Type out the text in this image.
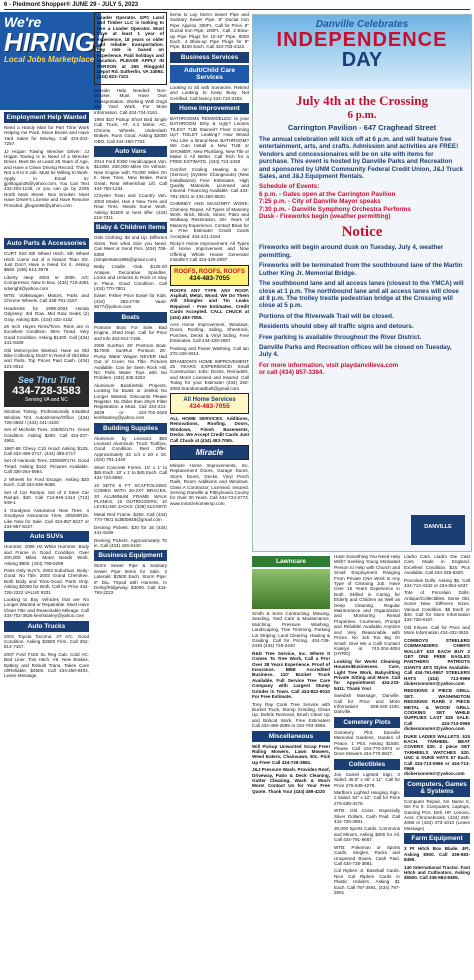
6 - Piedmont Shopper® JUNE 29 - JULY 5, 2023
We're
HIRING!
Local Jobs Marketplace
Employment Help Wanted
Need a Handy Man for Part Time Work Helping me Pack, Move Boxes and Have Yard Sales for Moving. Call 434-203-7257.
JJ Hogan Towing Wrecker Driver: JJ Hogan Towing is in Need of a Wrecker Driver. Must Be at Least 25 Years of Age, and Have a Clean Driving Record. This is Not a 9 to 5 Job. Must be Willing to Work. Apply in Email to: jjpriltogan36@yahoo.com, You Can Text 434-203-1136; or you can go by 2205 North Main Street. Non Smoker. Must Have Driver's License and Have Resume Provided. jjhogan68@yahoo.com
Auto Parts & Accessories
CURT 520 5th Wheel Hitch. 5th Wheel Hitch Came out of a Nissan Titan XD. Just Don't Have a Need for it. Asking $650. (336) 514-3979
Liberty Jeep 2004 or 2005. A/C Compressor, New in Box. (434) 710-4081 sdwright@yahoo.com
WTB: Volkswagen Motors, Parts and Chrome Wheels. Call 336-791-3157
Headrests for 1999-2004 Honda Odyssey: 3rd Row. Mid Row Seats (2) Gray. Asking $35. (434) 432-4152
26 Inch Hayes Rims/Tires. Rims are in Excellent Condition. 95% Tread. Very Good Condition. Asking $1400. Call (434) 441-9189
Old Motorcycles Wanted. Have an Old Bike Collecting Dust? In Need of Old Bike and Parts. Top Prices Paid Cash. (434) 421-0012
See Thru Tint
434-728-3583
Serving VA and NC
Window Tinting. Professionally Installed Window Tint. Autos/Home/Office. (434) 728-3583 / (434) 441-4100
Set of Michelin Tires. 235/60/17H. Great Condition. Asking $250. Call 434-207-4961.
1987-88 Chevy C10 Hood: Asking $125. Call 434-489-2717, (434) 489-2717
Set of Hankook Tires. 235/60R17H. Good Tread. Asking $110. Pictures Available. Call 336-264-5954.
2 Wheels for Ford Escape. Asking $20 Each. Call 434-836-6068.
Set of Car Ramps. Set of 2 Steel Car Ramps. $40. Call 713-949-1414 (713) 949-1
4 Goodyear Assurance New Tires. 4 Goodyear Assurance Tires, 205/60R16. Like New for Sale. Call 434-857-8227 or 434-857-8227.
Auto SUVs
Hummer. 2005 H2 White Hummer. Body and Frame in Good Condition. Over 200,000 Miles. Motor Needs Work. Asking $900. (434) 799-0299
Parts Only SUV's. 2003 Suburban. Body-Good. No Title. 2003 Grand Cherokee. Both Body and Tires-Good. Parts Only. Asking $2000 for Both. Call for Price 434-728-2222 VALUE 9331
Looking to Buy Vehicles that are No Longer Wanted or Repairable. Must Have Clean Title and Reasonable Mileage. Call 434-702-3626 kenfstanley@yahoo.com
Auto Trucks
2001 Toyota Tacoma. 4T A/C. Good Condition. Asking $3500 Firm. Call 252-814-7157.
2007 Ford F150 XL Reg Cab. Cold AC. Bed Liner. Tow Hitch. V6. New Brakes, Battery and Rebuilt Trans. Taken Care of/Reliable. $4500. Call 434-250-8404, Leave Message.
Loader Operator. GPC Land and Timber LLC is looking to hire a Loader Operator. Must have at least 1 year of experience, 18 years or older and reliable transportation. Pay rate is based on experience. Paid holidays and vacation. PLEASE APPLY IN PERSON at 265 Ringgold Depot Rd. Sutherlin, VA 24594. (434) 822-7101
Outside Help Needed: Non-Smoker. Must Have Own Transportation. Working With Dogs and Yard Work. For More Information, Call 434-724-2161.
1994 $10 Pickup Short Bed Single Cab Truck. AT, 4.3 Motor, AC, Chrome Wheels, Underdash Brakes. Runs Good. Asking $3000 OBO. Call 434-250-7763.
Auto Vans
2014 Ford E350 Handicapped Van. $11900. 200,000 Miles On Vehicle. New Engine with 70,000 Miles On It. New Tires, New Brake, Runs Great, Rear Wheelchair Lift. Call 434-750-1234.
Chrysler Town and Country Van. 2003 Model. Has 4 New Tires and Rear Tires. Needs Some Work. Asking $1500 or best offer. (434) 218-7311
Baby & Children Items
Girls Clothing. $3 and Up. Different Sizes. Text what Size you Need. Can Meet or Send Pics. (434) 706-8350 (simplestate1995@gmail.com)
Baby Cradle -Oak. $125.00 Antique, Decorative Spindles, Locks and Unlocks to Rock or Stay in Place, Good Condition. Call (434) 770-7801
Easel. Fisher Price Easel for Kids. (434) 283-2749 Vaan-6677@yahoo.com
Boats
Pontoon Boat For Sale. Bad Engine, Shed Kept. Call for Price and Info 252-814-7155.
2000 SunRun 25' Pontoon Boat. $17000. SunRun Pontoon 25'. Pump Water Wagon NEVER Had Out of Cover, No Title. Pictures Available. Can be Seen Rock Hill, NC Pulls Water Toys with No Problem. (434) 335-3253
Aluminum Boat/Jetski Projects. Looking for Boats or Jetskis No Longer Wanted. Discounts Please Register. No Older than 20yrs Filter Registration a Must. Call 434-221-3629 or 434-702-2626 kenfstanley@yahoo.com
Building Supplies
Aluminum by Leonard. $50 Leonard Aluminum Truck Toolbox, Good Condition. Best Offer. Approximately 22 1/4 x 20 x 18. (434) 791-1440
Steel Concrete Forms. 10' x 1' to $65 Each. 10' x 1' to $45 Each. Call 434-724-6862.
10 SETS 6 FT SCAFFOLDING COMES WITH 20-2X7 BRACES, 20 ALUMINUM FRAME WALK PLANKS, 10 OUTRIGGERS, 10 LEVELING JACKS. (336) 514-5970
Metal Red Frame. $250. Call (434) 770-7801 tcd600848@gmail.com
Decking Pickets. $20 for 16 (434) 441-9189
Decking Pickets. Approximately 70 in. Call (434) 426-0440
Business Equipment
Storm Sewer Pipe & Sanitary Sewer Pipe Items for Sale. 2 Laterals: $2500 Each. Storm Pipe: 8" Dia. Tripod with Harness, In Derby/Ridgeway. $3000. Call 434-793-2222.
Items to Lay Storm Sewer Pipe and Sanitary Sewer Pipe. 8" Ductal Iron Pipe, Approx. 200Ft., Call for Price. 8" Ductal Iron Pipe, 200Ft., Call. 2 Blow-up Pipe Plugs for 10-18" Pipe. $300 Each. 4 Blow-up Pipe Plugs for 8" Pipe. $150 Each. Call 434-793-2422.
Business Services
Adult/Child Care Services
Looking to Sit with Someone. Retired and Looking to Keep Busy. Not Certified. Call Nancy 434-710-3182.
Home Improvement
BATHROOMS REMODELED: Is your BATHROOM Dirty & Ugly? Looses TILES? TUB Stained? Floor Coming Up? TOILET Leaking? How Would You Like a Brand-New BATHROOM? We Can Install a New TUB or SHOWER, New Plumbing, New Tile or Make it All Better. Call Rich for a FREE ESTIMATE. (434) 724-1028
Comfort Cooling Heating & Air: (Service) (System Changeouts) (New Installations) Free Estimates. High Quality Materials, Licensed and Insured. Financing Available. Call 434-791-2031 or 434-250-8530.
CHIMNEY AND MASONRY WORK: Chimney Repair, All Types of Masonry Work. Brick, Block, Stone, Patio and Walkway Restoration, 25+ Years of Masonry Experience. Contact Brian for a Free Estimate! Credit Cards Accepted. 434-421-2154
Ricky's Home Improvement: All Types of Home Improvement and Now Offering Whole House Generator Installs!!! Call 434-429-2897.
ROOFS, ROOFS, ROOFS
434-483-7055
ROOFS ANY TYPE ANY ROOF. Asphalt, Metal, Wood. We Do Them All! Shingles and Tin Leaks Repaired - Free Estimates. Credit Cards Accepted. CALL CHUCK at (434) 483-7055.
AAA Home Improvement. Windows, Doors, Roofing, Siding, Sheetrock, Porches, Decks & Vinyl Siding. Free Estimates. Call 434-429-2897.
Painting and Power Washing. Call Ian 276-226-5914.
BRANDON'S HOME IMPROVEMENT 25 YEARS EXPERIENCE! Small Construction Jobs: Decks, Remodels, and More! Licensed and Insured. Call Today for your Estimate! (434) 250-4083 brandonnattbolt@gmail.com
All Home Services
434-483-7055
ALL HOME SERVICES. Additions, Renovations, Roofing, Doors, Windows, Finish Basements, Decks. We Accept Credit Cards Just Call Chuck at (434) 483-7055.
Miracle
Miracle Home Improvements, Inc. Replacement Doors, Garage Doors, Storm Doors, Decks, Vinyl Porch Rails, Room Additions and Windows. Class A Contractor, Licensed, Insured. Serving Danville & Pittsylvania County for Over 30 Years. Call 434-724-2773. www.miraclehomeimp.com
Danville Celebrates
INDEPENDENCE
DAY
July 4th at the Crossing
6 p.m.
Carrington Pavilion - 647 Craghead Street
The annual celebration will kick off at 6 p.m. and will feature free entertainment, arts, and crafts. Admission and activities are FREE! Vendors and concessionaires will be on site with items for purchase. This event is hosted by Danville Parks and Recreation and sponsored by UNM Community Federal Credit Union, J&J Truck Sales, and J&J Equipment Rentals.
Schedule of Events:
6 p.m. - Gates open at the Carrington Pavilion
7:25 p.m. - City of Danville Mayor speaks
7:30 p.m. - Danville Symphony Orchestra Performs
Dusk - Fireworks begin (weather permitting)
Notice
Fireworks will begin around dusk on Tuesday, July 4, weather permitting.
Fireworks will be terminated from the southbound lane of the Martin Luther King Jr. Memorial Bridge.
The southbound lane and all access lanes (closest to the YMCA) will close at 1 p.m. The northbound lane and all access lanes will close at 8 p.m. The trolley trestle pedestrian bridge at the Crossing will close at 5 p.m.
Portions of the Riverwalk Trail will be closed.
Residents should obey all traffic signs and detours.
Free parking is available throughout the River District.
Danville Parks and Recreation offices will be closed on Tuesday, July 4.
For more information, visit playdanvilleva.com or call (434) 857-3384.
DANVILLE
Lawncare
Smith & Sons Contracting. Mowing, Seeding, Yard Care & Maintenance, Mulching. Pressure Washing, Landscaping, Tree Trimming, Parking Lot Striping, Land Clearing. Hauling & Grading. Call for Pricing. 434-728-2440 (434) 728-2440
R&D Tree Service, Inc. Where It Comes To Tree Work, Call a Pro! Over 38 Years Experience. Proof of Insurance. BBB Accredited Business. 110' Bucket Truck Available. Full Service Tree Care Company with Largest Stump Grinder in Town. Call 434-822-6010 For Free Estimate.
Tony Ray Cook Tree Service with Bucket Truck, Stump Grinding, Clean Up, Debris Removal, Brush Clean Up and Bobcat Work. Free Estimates! Call 434-489-2889 or 434-793-3665.
Miscellaneous
Will Pickup Unwanted Scrap Free! Riding Mowers, Lawn Mowers, Weed Eaters, Chainsaws, Etc. Pick Up Free! Call 434-728-3881.
J&J Pressure Wash. Provides Roof, Driveway, Patio & Deck Cleaning, Gutter Cleaning, Wash & Much More! Contact Us for Your Free Quote. Thank You! (434) 489-4220
Have Something You Need Help With? Seeking Young Motivated Person to Help with Church and Small Employment Ranging From Private CNA Work to Any Type of Cleaning Job. Have Over 15 Years Experience in Both. Skilled in Caring for Elderly and Children as Well as Deep Cleaning. Regular Maintenance and Organization and Monitoring Rental Properties. Courteous, Prompt and Reliable! Available Anytime and Very Reasonable with Prices. No Job Too Big Or Small. Give Me a Call! Contact Katelyn at 743-204-4004 (HYRD)
Looking for Work! Cleaning Houses/Businesses. Care, Light Tree Work, Babysitting Private Sitting and More. Call for Appointment 434-233-5411. Thank You!
Swedish Massage, Danville. Call for Price and More Information! 508-440-1100. Danville.
Cemetery Plots
Cemetery Plot. Danville Memorial Gardens. Garden of Peace. 1 Plot. Asking $1500. Please Call 434-770-2973 or Dove Mowers 434-770-0827.
Collectibles
Joe Camel Lighted Sign. 3 Sided. 45.5" x 45" x 11". Call for Price 276-638-4278.
Marlboro Lighted Hanging Sign. 2 Sided. 54" x 12". Call for Price 276-638-4278.
WTB: Old Coins. Especially Silver Dollars. Cash Paid. Call 434-728-3881.
30,000 Sports Cards. Commons and Minors. Asking $200 for All. Call 434-791-8667.
WTB: Pokemon or Sports Cards. Singles, Packs and Unopened Boxes. Cash Paid. Call 434-728-3881.
Cal Ripken Jr. Baseball Cards. Nice Cal Ripken Cards in Plastic Holders. Asking $1 Each. Call 797-2691. (434) 797-2691
Lladro Cars. Lladro Die Cast Cars. Made in England. Excellent Condition. $15. Pics Available. Call 434-335-8320.
Porcelain Dolls. Asking $5. Call 434-713-4342 or 434-554-1637
Tote of Porcelain Dolls. Antique/Collectibles. Some Old, Some New. Different Sizes. Various Condition. $5 Each or $40. Call for More Information 434-728-8167.
Old Knives. Call for Price and More Information 434-432-3615
COWBOYS STEELERS COMMANDERS CHIEFS WALLET $10 EACH BUY 2 GET ONE FREE EAGLES PANTHERS PATRIOTS GIANTS 49'S Styles Available. Call 434-791-8657 STEELERS HATS (434) 713-0966 dickersonsmrr@yahoo.com
REDSKINS 3 PIECE GRILL SET. WASHINGTON REDSKINS RARE 3 PIECE METAL & WOOD GRILL COOKING SET WHILE SUPPLIES LAST $25 SALE. Call 434-713-0966 dickersonsmrr@yahoo.com
DUKE LADIES WALLETS. $15 EACH. TARHEEL BEAT COVERS $30. 2 piece SET TARHEELS WATCHES $20. UNC & DUKE HATS $7 Each. Call 434-713-0966 or 434-713-0966 dickersonsmrr@yahoo.com
Computers, Games & Systems
Computer Repair. No Name It, We Fix It. Computers, Laptops, Gaming PCs. Dell, HP, Lenovo, Acer, Chromebooks. (434) 250-4086 or (434) 473-1010 (Leave Message)
Farm Equipment
3 Pt Hitch Box Blade. 4Ft. Asking $500. Call 336-583-8495.
140 International Tractor. Fast Hitch and Cultivators. Asking $5500. Call 336-583-8495.
